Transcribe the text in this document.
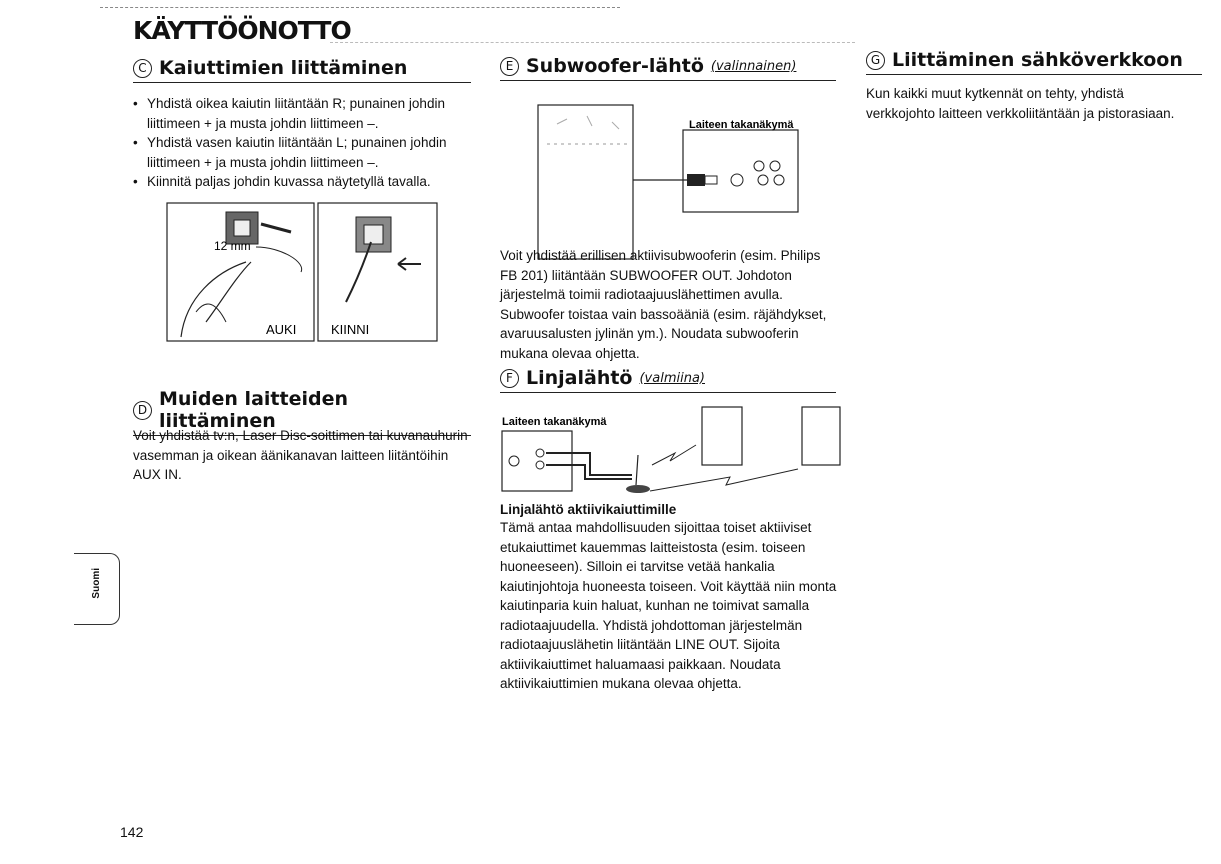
KÄYTTÖÖNOTTO
C Kaiuttimien liittäminen
• Yhdistä oikea kaiutin liitäntään R; punainen johdin liittimeen + ja musta johdin liittimeen –.
• Yhdistä vasen kaiutin liitäntään L; punainen johdin liittimeen + ja musta johdin liittimeen –.
• Kiinnitä paljas johdin kuvassa näytetyllä tavalla.
12 mm
AUKI	KIINNI
D Muiden laitteiden liittäminen
Voit yhdistää tv:n, Laser Disc-soittimen tai kuvanauhurin vasemman ja oikean äänikanavan laitteen liitäntöihin AUX IN.
E Subwoofer-lähtö (valinnainen)
Laiteen takanäkymä
Voit yhdistää erillisen aktiivisubwooferin (esim. Philips FB 201) liitäntään SUBWOOFER OUT. Johdoton järjestelmä toimii radiotaajuuslähettimen avulla. Subwoofer toistaa vain bassoääniä (esim. räjähdykset, avaruusalusten jylinän ym.). Noudata subwooferin mukana olevaa ohjetta.
F Linjalähtö (valmiina)
Laiteen takanäkymä
Linjalähtö aktiivikaiuttimille
Tämä antaa mahdollisuuden sijoittaa toiset aktiiviset etukaiuttimet kauemmas laitteistosta (esim. toiseen huoneeseen). Silloin ei tarvitse vetää hankalia kaiutinjohtoja huoneesta toiseen. Voit käyttää niin monta kaiutinparia kuin haluat, kunhan ne toimivat samalla radiotaajuudella. Yhdistä johdottoman järjestelmän radiotaajuuslähetin liitäntään LINE OUT. Sijoita aktiivikaiuttimet haluamaasi paikkaan. Noudata aktiivikaiuttimien mukana olevaa ohjetta.
G Liittäminen sähköverkkoon
Kun kaikki muut kytkennät on tehty, yhdistä verkkojohto laitteen verkkoliitäntään ja pistorasiaan.
Suomi
142
